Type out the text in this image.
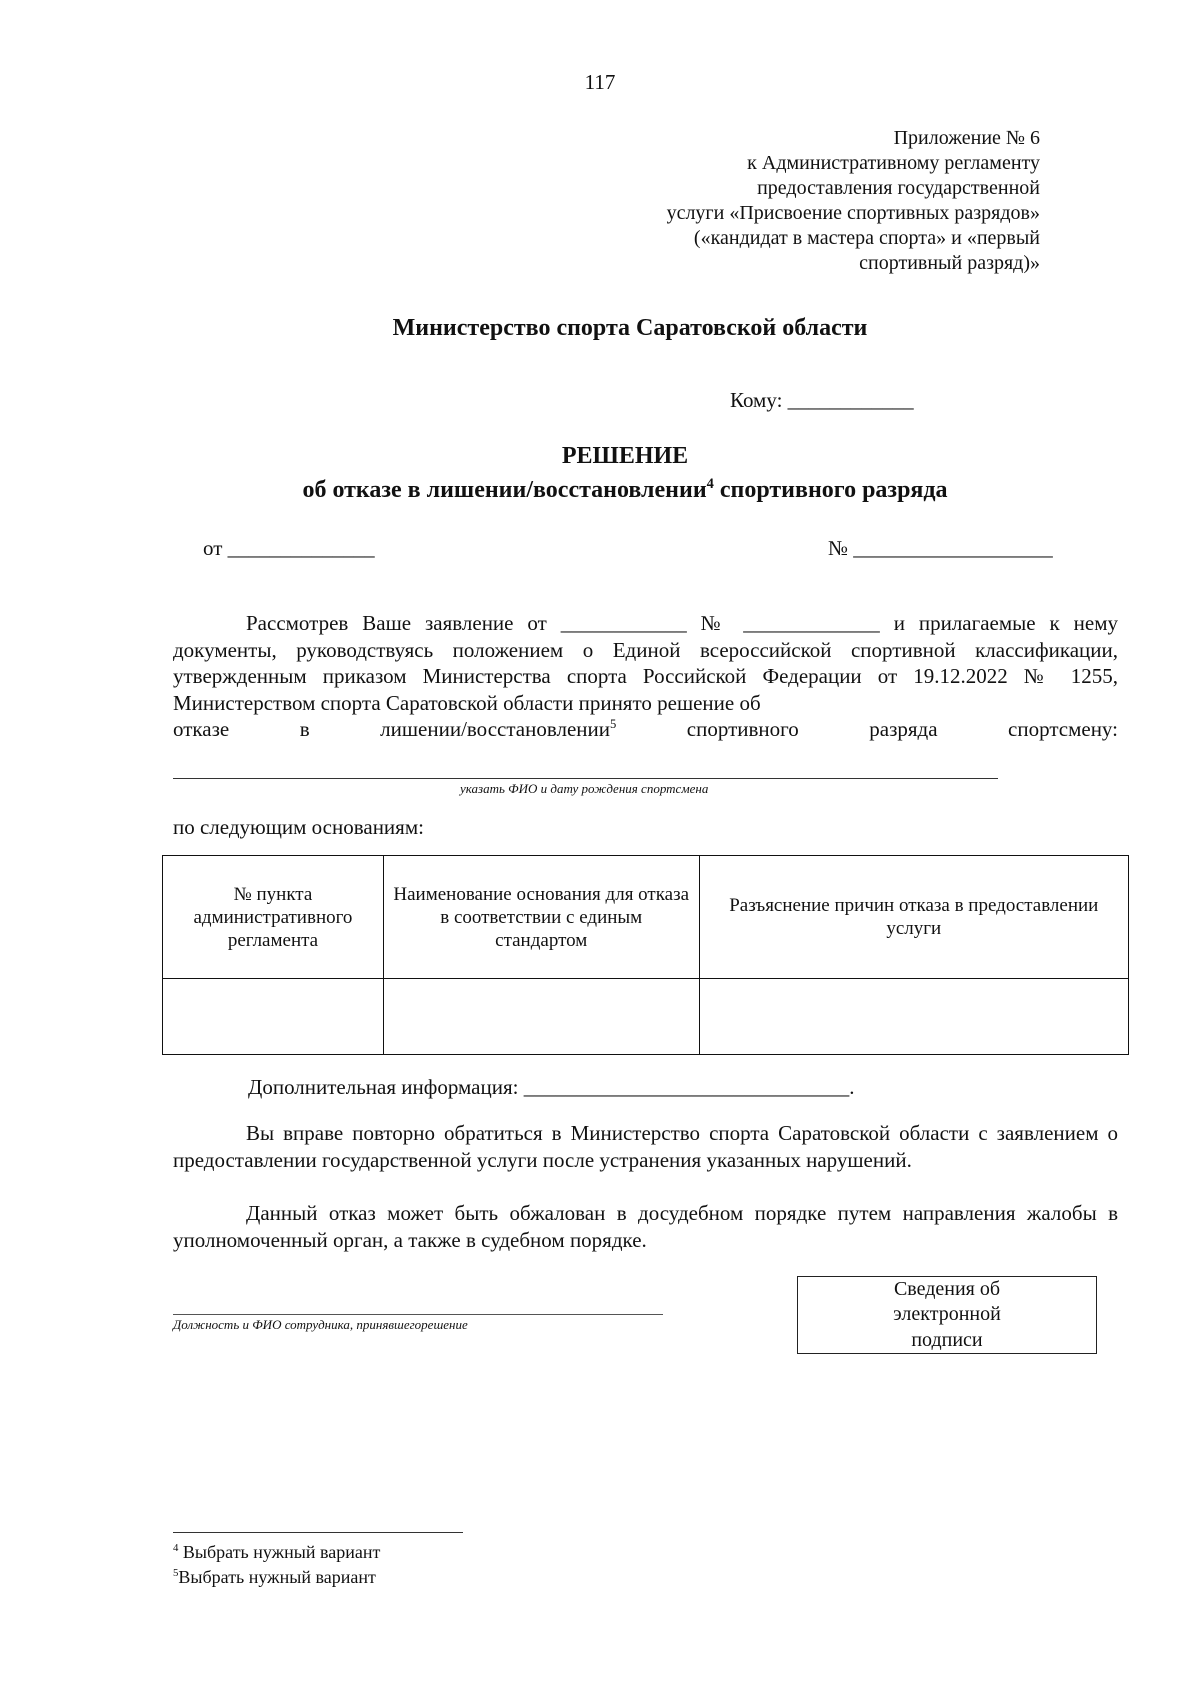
117
Приложение № 6
к Административному регламенту
предоставления государственной
услуги «Присвоение спортивных разрядов»
(«кандидат в мастера спорта» и «первый
спортивный разряд)»
Министерство спорта Саратовской области
Кому: ____________
РЕШЕНИЕ
об отказе в лишении/восстановлении$^4$ спортивного разряда
от ______________	№ ___________________
Рассмотрев Ваше заявление от ____________ № _____________ и прилагаемые к нему документы, руководствуясь положением о Единой всероссийской спортивной классификации, утвержденным приказом Министерства спорта Российской Федерации от 19.12.2022 № 1255, Министерством спорта Саратовской области принято решение об
отказе в лишении/восстановлении$^5$ спортивного разряда спортсмену:
указать ФИО и дату рождения спортсмена
по следующим основаниям:
№ пункта административного регламента	Наименование основания для отказа в соответствии с единым стандартом	Разъяснение причин отказа в предоставлении услуги

Дополнительная информация: _______________________________.
Вы вправе повторно обратиться в Министерство спорта Саратовской области с заявлением о предоставлении государственной услуги после устранения указанных нарушений.
Данный отказ может быть обжалован в досудебном порядке путем направления жалобы в уполномоченный орган, а также в судебном порядке.
Должность и ФИО сотрудника, принявшегорешение
Сведения об электронной подписи
$^4$ Выбрать нужный вариант
$^5$Выбрать нужный вариант
